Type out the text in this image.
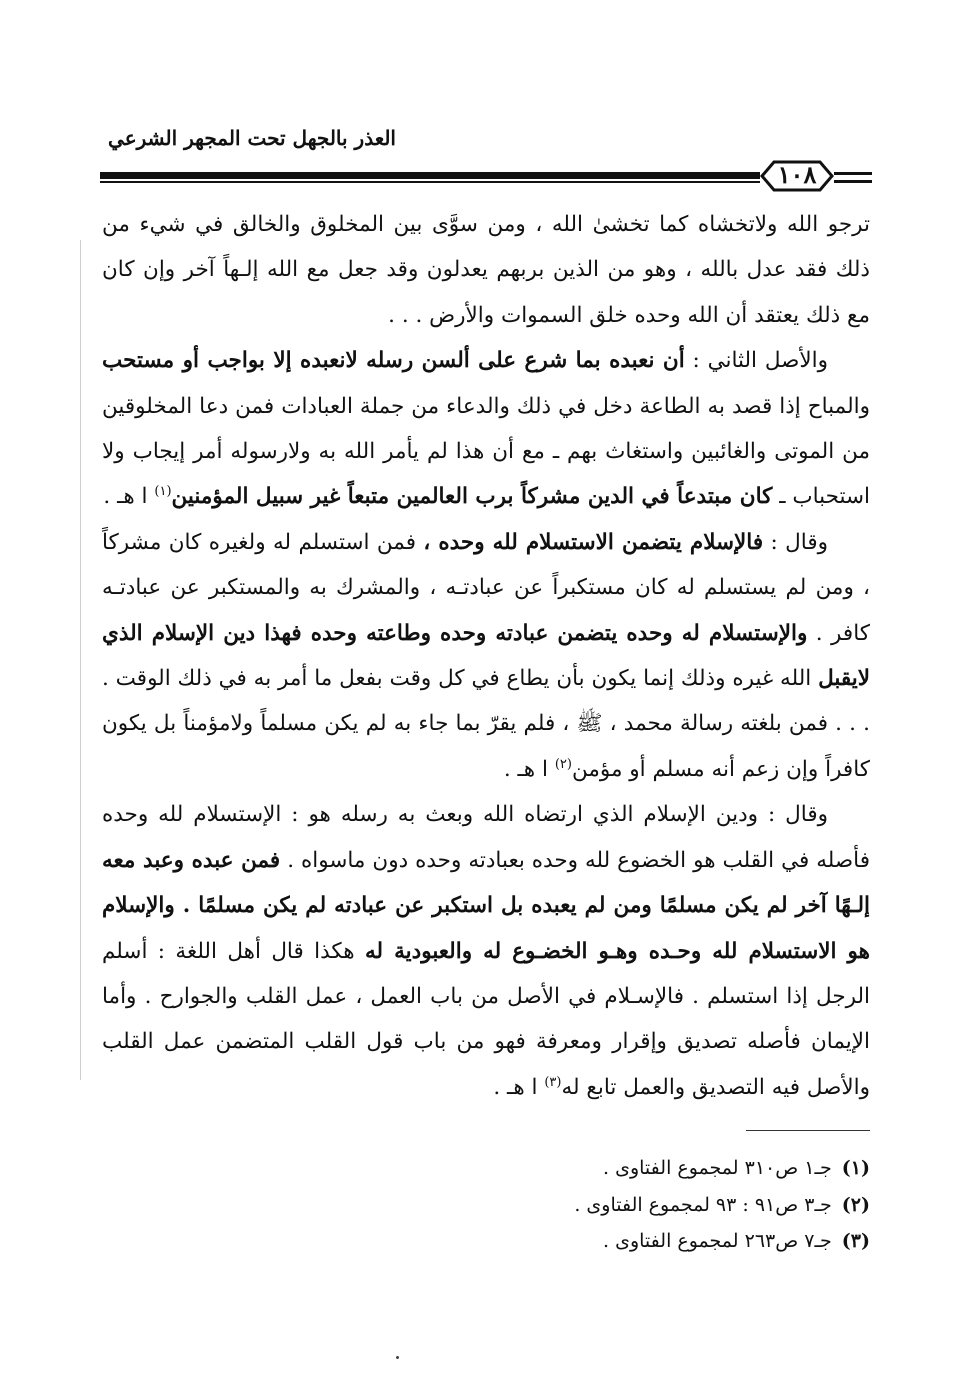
العذر بالجهل تحت المجهر الشرعي
١٠٨

ترجو الله ولاتخشاه كما تخشىٰ الله ، ومن سوَّى بين المخلوق والخالق في شيء من ذلك فقد عدل بالله ، وهو من الذين بربهم يعدلون وقد جعل مع الله إلـهاً آخر وإن كان مع ذلك يعتقد أن الله وحده خلق السموات والأرض . . .

والأصل الثاني : أن نعبده بما شرع على ألسن رسله لانعبده إلا بواجب أو مستحب والمباح إذا قصد به الطاعة دخل في ذلك والدعاء من جملة العبادات فمن دعا المخلوقين من الموتى والغائبين واستغاث بهم ـ مع أن هذا لم يأمر الله به ولارسوله أمر إيجاب ولا استحباب ـ كان مبتدعاً في الدين مشركاً برب العالمين متبعاً غير سبيل المؤمنين$^{(١)}$ ا هـ .

وقال : فالإسلام يتضمن الاستسلام لله وحده ، فمن استسلم له ولغيره كان مشركاً ، ومن لم يستسلم له كان مستكبراً عن عبادتـه ، والمشرك به والمستكبر عن عبادتـه كافر . والإستسلام له وحده يتضمن عبادته وحده وطاعته وحده فهذا دين الإسلام الذي لايقبل الله غيره وذلك إنما يكون بأن يطاع في كل وقت بفعل ما أمر به في ذلك الوقت . . . . فمن بلغته رسالة محمد ، ﷺ ، فلم يقرّ بما جاء به لم يكن مسلماً ولامؤمناً بل يكون كافراً وإن زعم أنه مسلم أو مؤمن$^{(٢)}$ ا هـ .

وقال : ودين الإسلام الذي ارتضاه الله وبعث به رسله هو : الإستسلام لله وحده فأصله في القلب هو الخضوع لله وحده بعبادته وحده دون ماسواه . فمن عبده وعبد معه إلـهًا آخر لم يكن مسلمًا ومن لم يعبده بل استكبر عن عبادته لم يكن مسلمًا . والإسلام هو الاستسلام لله وحـده وهـو الخضـوع له والعبودية له هكذا قال أهل اللغة : أسلم الرجل إذا استسلم . فالإسـلام في الأصل من باب العمل ، عمل القلب والجوارح . وأما الإيمان فأصله تصديق وإقرار ومعرفة فهو من باب قول القلب المتضمن عمل القلب والأصل فيه التصديق والعمل تابع له$^{(٣)}$ ا هـ .

(١)جـ١ ص٣١٠ لمجموع الفتاوى .
(٢)جـ٣ ص٩١ : ٩٣ لمجموع الفتاوى .
(٣)جـ٧ ص٢٦٣ لمجموع الفتاوى .
